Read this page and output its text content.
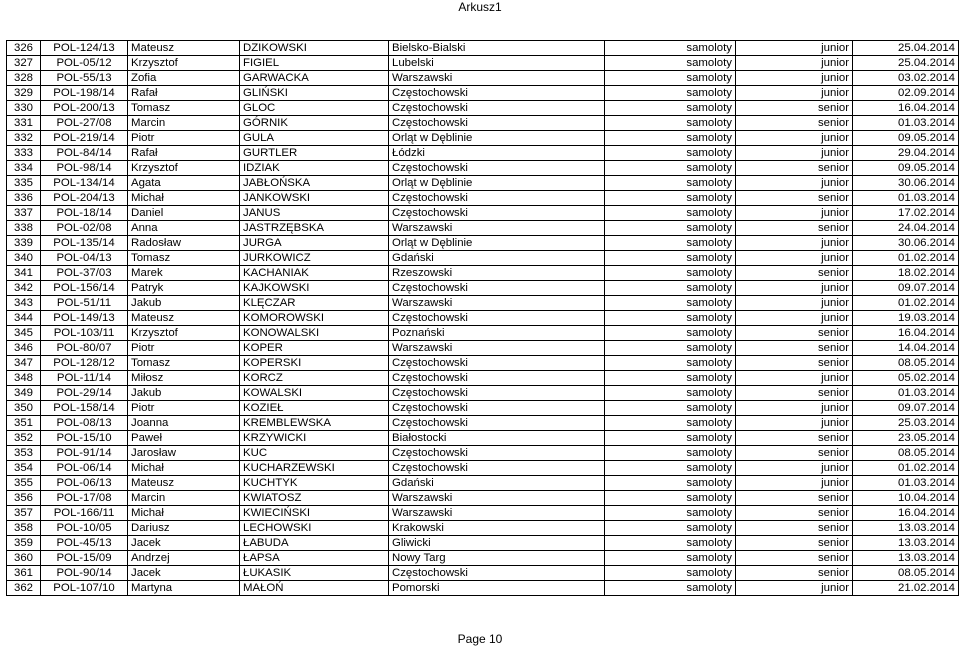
Arkusz1
326	POL-124/13	Mateusz	DZIKOWSKI	Bielsko-Bialski	samoloty	junior	25.04.2014
327	POL-05/12	Krzysztof	FIGIEL	Lubelski	samoloty	junior	25.04.2014
328	POL-55/13	Zofia	GARWACKA	Warszawski	samoloty	junior	03.02.2014
329	POL-198/14	Rafał	GLIŃSKI	Częstochowski	samoloty	junior	02.09.2014
330	POL-200/13	Tomasz	GLOC	Częstochowski	samoloty	senior	16.04.2014
331	POL-27/08	Marcin	GÓRNIK	Częstochowski	samoloty	senior	01.03.2014
332	POL-219/14	Piotr	GULA	Orląt w Dęblinie	samoloty	junior	09.05.2014
333	POL-84/14	Rafał	GURTLER	Łódzki	samoloty	junior	29.04.2014
334	POL-98/14	Krzysztof	IDZIAK	Częstochowski	samoloty	senior	09.05.2014
335	POL-134/14	Agata	JABŁOŃSKA	Orląt w Dęblinie	samoloty	junior	30.06.2014
336	POL-204/13	Michał	JANKOWSKI	Częstochowski	samoloty	senior	01.03.2014
337	POL-18/14	Daniel	JANUS	Częstochowski	samoloty	junior	17.02.2014
338	POL-02/08	Anna	JASTRZĘBSKA	Warszawski	samoloty	senior	24.04.2014
339	POL-135/14	Radosław	JURGA	Orląt w Dęblinie	samoloty	junior	30.06.2014
340	POL-04/13	Tomasz	JURKOWICZ	Gdański	samoloty	junior	01.02.2014
341	POL-37/03	Marek	KACHANIAK	Rzeszowski	samoloty	senior	18.02.2014
342	POL-156/14	Patryk	KAJKOWSKI	Częstochowski	samoloty	junior	09.07.2014
343	POL-51/11	Jakub	KLĘCZAR	Warszawski	samoloty	junior	01.02.2014
344	POL-149/13	Mateusz	KOMOROWSKI	Częstochowski	samoloty	junior	19.03.2014
345	POL-103/11	Krzysztof	KONOWALSKI	Poznański	samoloty	senior	16.04.2014
346	POL-80/07	Piotr	KOPER	Warszawski	samoloty	senior	14.04.2014
347	POL-128/12	Tomasz	KOPERSKI	Częstochowski	samoloty	senior	08.05.2014
348	POL-11/14	Miłosz	KORCZ	Częstochowski	samoloty	junior	05.02.2014
349	POL-29/14	Jakub	KOWALSKI	Częstochowski	samoloty	senior	01.03.2014
350	POL-158/14	Piotr	KOZIEŁ	Częstochowski	samoloty	junior	09.07.2014
351	POL-08/13	Joanna	KREMBLEWSKA	Częstochowski	samoloty	junior	25.03.2014
352	POL-15/10	Paweł	KRZYWICKI	Białostocki	samoloty	senior	23.05.2014
353	POL-91/14	Jarosław	KUC	Częstochowski	samoloty	senior	08.05.2014
354	POL-06/14	Michał	KUCHARZEWSKI	Częstochowski	samoloty	junior	01.02.2014
355	POL-06/13	Mateusz	KUCHTYK	Gdański	samoloty	junior	01.03.2014
356	POL-17/08	Marcin	KWIATOSZ	Warszawski	samoloty	senior	10.04.2014
357	POL-166/11	Michał	KWIECIŃSKI	Warszawski	samoloty	senior	16.04.2014
358	POL-10/05	Dariusz	LECHOWSKI	Krakowski	samoloty	senior	13.03.2014
359	POL-45/13	Jacek	ŁABUDA	Gliwicki	samoloty	senior	13.03.2014
360	POL-15/09	Andrzej	ŁAPSA	Nowy Targ	samoloty	senior	13.03.2014
361	POL-90/14	Jacek	ŁUKASIK	Częstochowski	samoloty	senior	08.05.2014
362	POL-107/10	Martyna	MAŁOŃ	Pomorski	samoloty	junior	21.02.2014
Page 10
